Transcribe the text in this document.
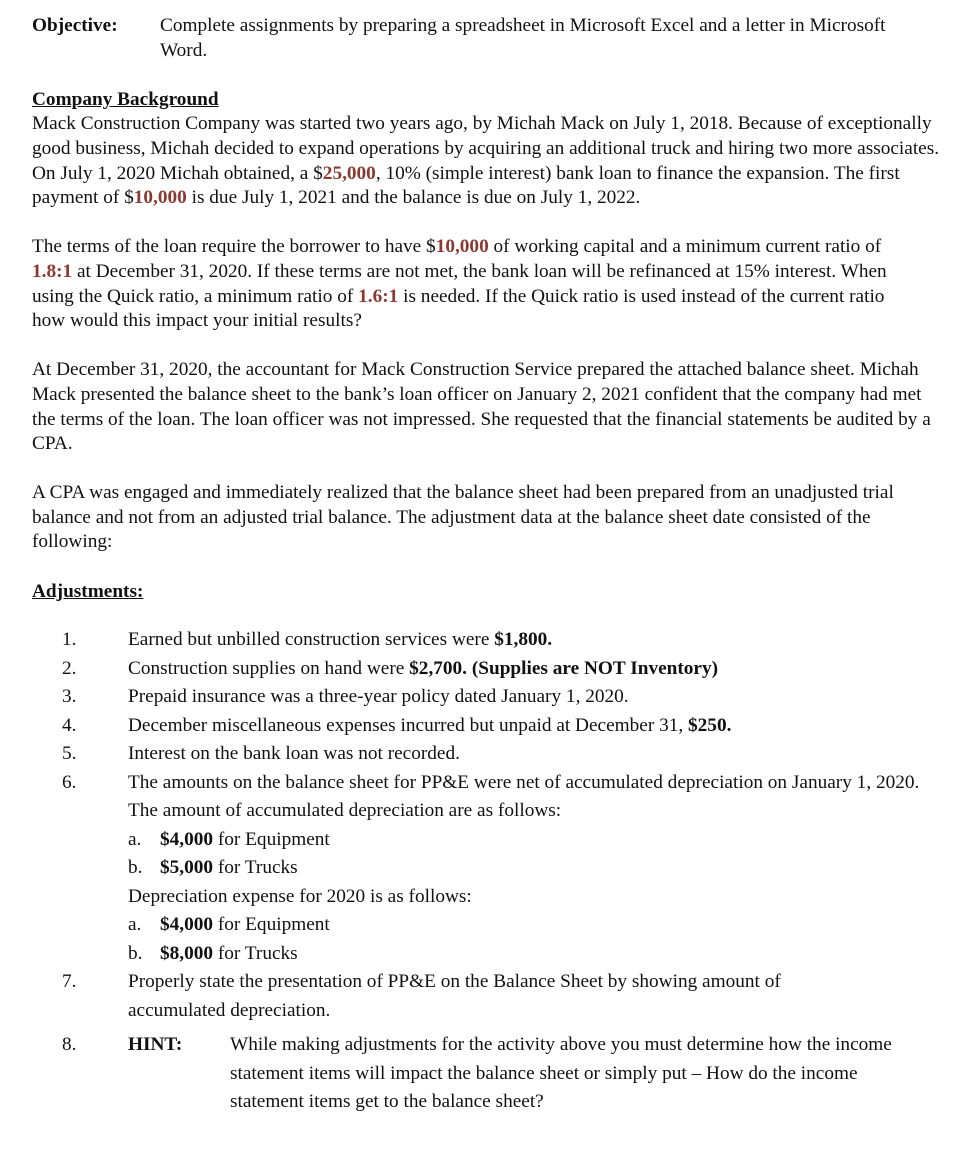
Objective:	Complete assignments by preparing a spreadsheet in Microsoft Excel and a letter in Microsoft Word.
Company Background

Mack Construction Company was started two years ago, by Michah Mack on July 1, 2018. Because of exceptionally good business, Michah decided to expand operations by acquiring an additional truck and hiring two more associates. On July 1, 2020 Michah obtained, a $25,000, 10% (simple interest) bank loan to finance the expansion. The first payment of $10,000 is due July 1, 2021 and the balance is due on July 1, 2022.

The terms of the loan require the borrower to have $10,000 of working capital and a minimum current ratio of 1.8:1 at December 31, 2020. If these terms are not met, the bank loan will be refinanced at 15% interest. When using the Quick ratio, a minimum ratio of 1.6:1 is needed. If the Quick ratio is used instead of the current ratio how would this impact your initial results?

At December 31, 2020, the accountant for Mack Construction Service prepared the attached balance sheet. Michah Mack presented the balance sheet to the bank’s loan officer on January 2, 2021 confident that the company had met the terms of the loan. The loan officer was not impressed. She requested that the financial statements be audited by a CPA.

A CPA was engaged and immediately realized that the balance sheet had been prepared from an unadjusted trial balance and not from an adjusted trial balance. The adjustment data at the balance sheet date consisted of the following:

Adjustments:
1.	Earned but unbilled construction services were $1,800.
2.	Construction supplies on hand were $2,700. (Supplies are NOT Inventory)
3.	Prepaid insurance was a three-year policy dated January 1, 2020.
4.	December miscellaneous expenses incurred but unpaid at December 31, $250.
5.	Interest on the bank loan was not recorded.
6.	The amounts on the balance sheet for PP&E were net of accumulated depreciation on January 1, 2020. The amount of accumulated depreciation are as follows:
a. $4,000 for Equipment
b. $5,000 for Trucks
Depreciation expense for 2020 is as follows:
a. $4,000 for Equipment
b. $8,000 for Trucks
7.	Properly state the presentation of PP&E on the Balance Sheet by showing amount of accumulated depreciation.
8.	HINT:	While making adjustments for the activity above you must determine how the income statement items will impact the balance sheet or simply put – How do the income statement items get to the balance sheet?
